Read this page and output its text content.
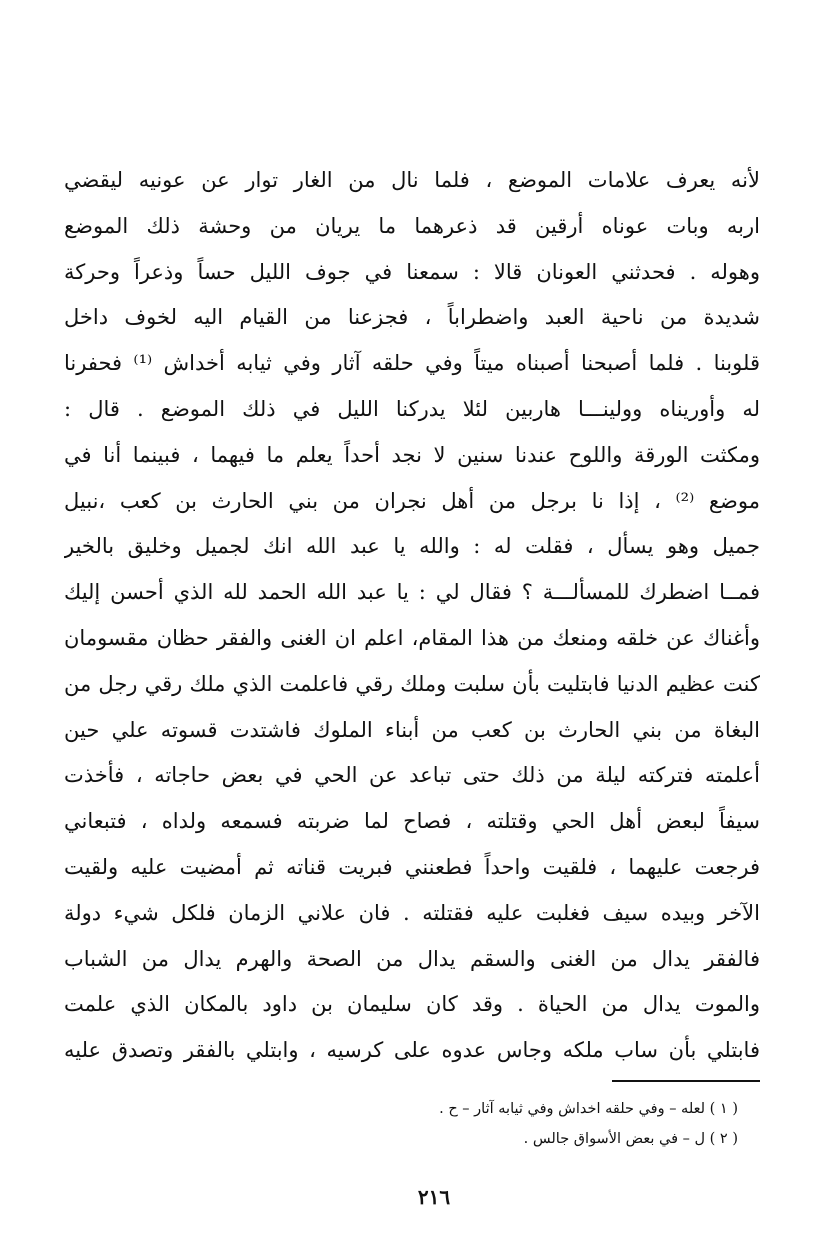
لأنه يعرف علامات الموضع ، فلما نال من الغار توار عن عونيه ليقضي
اربه وبات عوناه أرقين قد ذعرهما ما يريان من وحشة ذلك الموضع
وهوله . فحدثني العونان قالا : سمعنا في جوف الليل حساً وذعراً وحركة
شديدة من ناحية العبد واضطراباً ، فجزعنا من القيام اليه لخوف داخل
قلوبنا . فلما أصبحنا أصبناه ميتاً وفي حلقه آثار وفي ثيابه أخداش ⁽¹⁾ فحفرنا
له وأوريناه وولينـــا هاربين لئلا يدركنا الليل في ذلك الموضع . قال :
ومكثت الورقة واللوح عندنا سنين لا نجد أحداً يعلم ما فيهما ، فبينما أنا في
موضع ⁽²⁾ ، إذا نا برجل من أهل نجران من بني الحارث بن كعب ،نبيل
جميل وهو يسأل ، فقلت له : والله يا عبد الله انك لجميل وخليق بالخير
فمــا اضطرك للمسألـــة ؟ فقال لي : يا عبد الله الحمد لله الذي أحسن إليك
وأغناك عن خلقه ومنعك من هذا المقام، اعلم ان الغنى والفقر حظان مقسومان
كنت عظيم الدنيا فابتليت بأن سلبت وملك رقي فاعلمت الذي ملك رقي رجل من
البغاة من بني الحارث بن كعب من أبناء الملوك فاشتدت قسوته علي حين
أعلمته فتركته ليلة من ذلك حتى تباعد عن الحي في بعض حاجاته ، فأخذت
سيفاً لبعض أهل الحي وقتلته ، فصاح لما ضربته فسمعه ولداه ، فتبعاني
فرجعت عليهما ، فلقيت واحداً فطعنني فبريت قناته ثم أمضيت عليه ولقيت
الآخر وبيده سيف فغلبت عليه فقتلته . فان علاني الزمان فلكل شيء دولة
فالفقر يدال من الغنى والسقم يدال من الصحة والهرم يدال من الشباب
والموت يدال من الحياة . وقد كان سليمان بن داود بالمكان الذي علمت
فابتلي بأن ساب ملكه وجاس عدوه على كرسيه ، وابتلي بالفقر وتصدق عليه
( ١ ) لعله – وفي حلقه اخداش وفي ثيابه آثار – ح .
( ٢ ) ل – في بعض الأسواق جالس .
٢١٦
